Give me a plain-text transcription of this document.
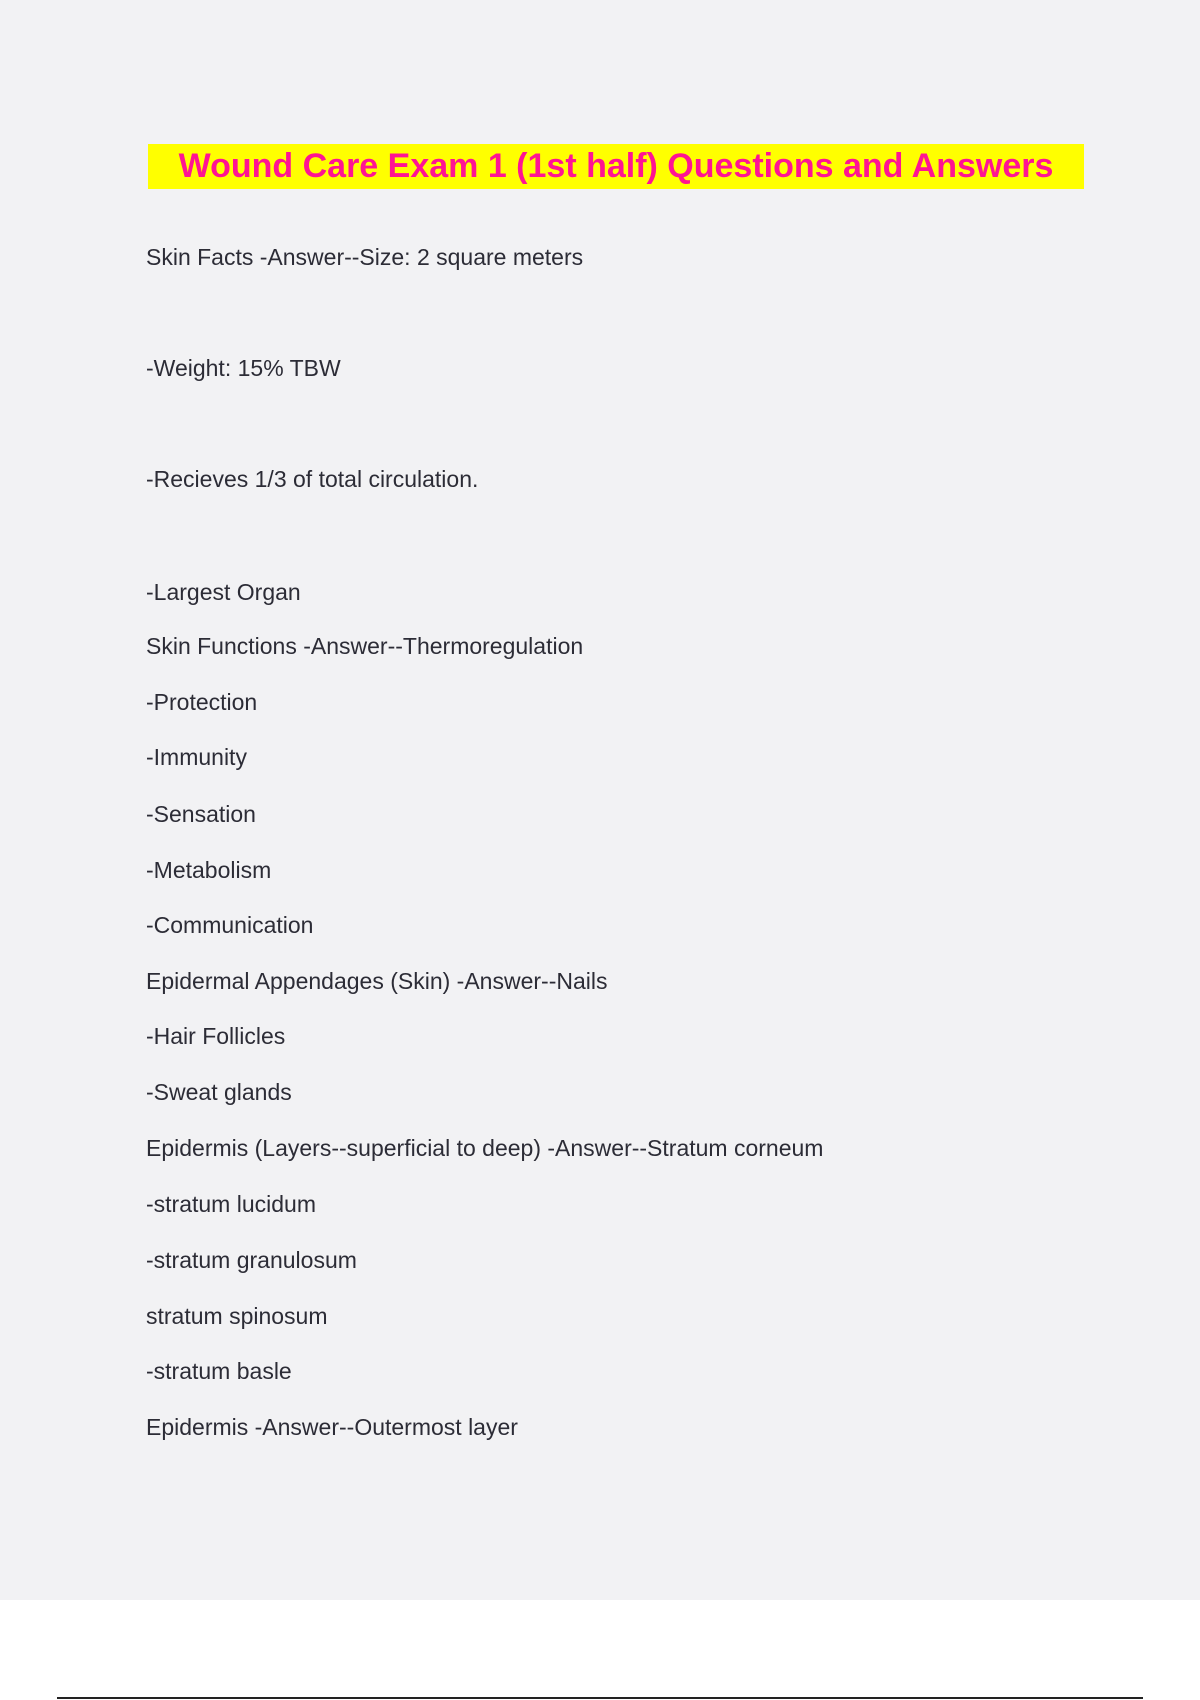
Wound Care Exam 1 (1st half) Questions and Answers
Skin Facts -Answer--Size: 2 square meters
-Weight: 15% TBW
-Recieves 1/3 of total circulation.
-Largest Organ
Skin Functions -Answer--Thermoregulation
-Protection
-Immunity
-Sensation
-Metabolism
-Communication
Epidermal Appendages (Skin) -Answer--Nails
-Hair Follicles
-Sweat glands
Epidermis (Layers--superficial to deep) -Answer--Stratum corneum
-stratum lucidum
-stratum granulosum
stratum spinosum
-stratum basle
Epidermis -Answer--Outermost layer
